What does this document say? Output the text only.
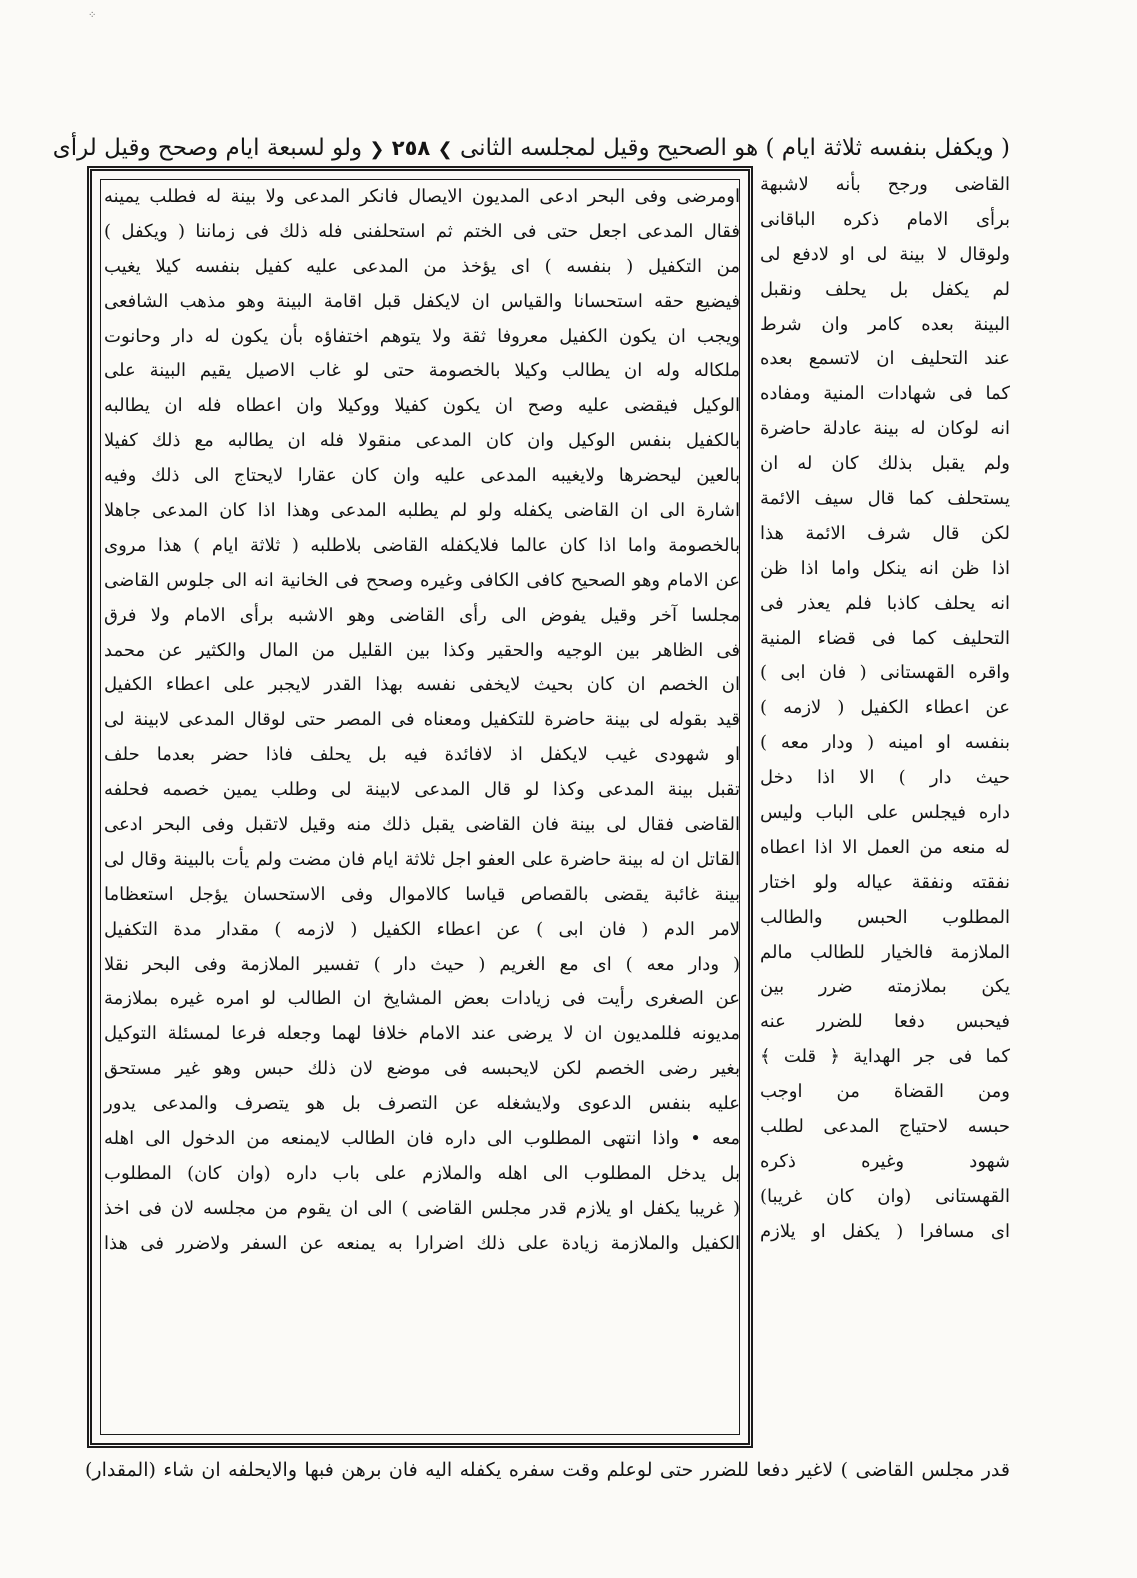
( ويكفل بنفسه ثلاثة ايام ) هو الصحيح وقيل لمجلسه الثانى ❯ ٢٥٨ ❮ ولو لسبعة ايام وصحح وقيل لرأى
اومرضى وفى البحر ادعى المديون الايصال فانكر المدعى ولا بينة له فطلب يمينه
فقال المدعى اجعل حتى فى الختم ثم استحلفنى فله ذلك فى زماننا ( ويكفل )
من التكفيل ( بنفسه ) اى يؤخذ من المدعى عليه كفيل بنفسه كيلا يغيب
فيضيع حقه استحسانا والقياس ان لايكفل قبل اقامة البينة وهو مذهب الشافعى
ويجب ان يكون الكفيل معروفا ثقة ولا يتوهم اختفاؤه بأن يكون له دار وحانوت
ملكاله وله ان يطالب وكيلا بالخصومة حتى لو غاب الاصيل يقيم البينة على
الوكيل فيقضى عليه وصح ان يكون كفيلا ووكيلا وان اعطاه فله ان يطالبه
بالكفيل بنفس الوكيل وان كان المدعى منقولا فله ان يطالبه مع ذلك كفيلا
بالعين ليحضرها ولايغيبه المدعى عليه وان كان عقارا لايحتاج الى ذلك وفيه
اشارة الى ان القاضى يكفله ولو لم يطلبه المدعى وهذا اذا كان المدعى جاهلا
بالخصومة واما اذا كان عالما فلايكفله القاضى بلاطلبه ( ثلاثة ايام ) هذا مروى
عن الامام وهو الصحيح كافى الكافى وغيره وصحح فى الخانية انه الى جلوس القاضى
مجلسا آخر وقيل يفوض الى رأى القاضى وهو الاشبه برأى الامام ولا فرق
فى الظاهر بين الوجيه والحقير وكذا بين القليل من المال والكثير عن محمد
ان الخصم ان كان بحيث لايخفى نفسه بهذا القدر لايجبر على اعطاء الكفيل
قيد بقوله لى بينة حاضرة للتكفيل ومعناه فى المصر حتى لوقال المدعى لابينة لى
او شهودى غيب لايكفل اذ لافائدة فيه بل يحلف فاذا حضر بعدما حلف
تقبل بينة المدعى وكذا لو قال المدعى لابينة لى وطلب يمين خصمه فحلفه
القاضى فقال لى بينة فان القاضى يقبل ذلك منه وقيل لاتقبل وفى البحر ادعى
القاتل ان له بينة حاضرة على العفو اجل ثلاثة ايام فان مضت ولم يأت بالبينة وقال لى
بينة غائبة يقضى بالقصاص قياسا كالاموال وفى الاستحسان يؤجل استعظاما
لامر الدم ( فان ابى ) عن اعطاء الكفيل ( لازمه ) مقدار مدة التكفيل
( ودار معه ) اى مع الغريم ( حيث دار ) تفسير الملازمة وفى البحر نقلا
عن الصغرى رأيت فى زيادات بعض المشايخ ان الطالب لو امره غيره بملازمة
مديونه فللمديون ان لا يرضى عند الامام خلافا لهما وجعله فرعا لمسئلة التوكيل
بغير رضى الخصم لكن لايحبسه فى موضع لان ذلك حبس وهو غير مستحق
عليه بنفس الدعوى ولايشغله عن التصرف بل هو يتصرف والمدعى يدور
معه • واذا انتهى المطلوب الى داره فان الطالب لايمنعه من الدخول الى اهله
بل يدخل المطلوب الى اهله والملازم على باب داره (وان كان) المطلوب
( غريبا يكفل او يلازم قدر مجلس القاضى ) الى ان يقوم من مجلسه لان فى اخذ
الكفيل والملازمة زيادة على ذلك اضرارا به يمنعه عن السفر ولاضرر فى هذا
القاضى ورجح بأنه لاشبهة
برأى الامام ذكره الباقانى
ولوقال لا بينة لى او لادفع لى
لم يكفل بل يحلف ونقبل
البينة بعده كامر وان شرط
عند التحليف ان لاتسمع بعده
كما فى شهادات المنية ومفاده
انه لوكان له بينة عادلة حاضرة
ولم يقبل بذلك كان له ان
يستحلف كما قال سيف الائمة
لكن قال شرف الائمة هذا
اذا ظن انه ينكل واما اذا ظن
انه يحلف كاذبا فلم يعذر فى
التحليف كما فى قضاء المنية
واقره القهستانى ( فان ابى )
عن اعطاء الكفيل ( لازمه )
بنفسه او امينه ( ودار معه )
حيث دار ) الا اذا دخل
داره فيجلس على الباب وليس
له منعه من العمل الا اذا اعطاه
نفقته ونفقة عياله ولو اختار
المطلوب الحبس والطالب
الملازمة فالخيار للطالب مالم
يكن بملازمته ضرر بين
فيحبس دفعا للضرر عنه
كما فى جر الهداية ﴿ قلت ﴾
ومن القضاة من اوجب
حبسه لاحتياج المدعى لطلب
شهود وغيره ذكره
القهستانى (وان كان غريبا)
اى مسافرا ( يكفل او يلازم
قدر مجلس القاضى ) لاغير دفعا للضرر حتى لوعلم وقت سفره يكفله اليه فان برهن فبها والايحلفه ان شاء (المقدار)
⁘
